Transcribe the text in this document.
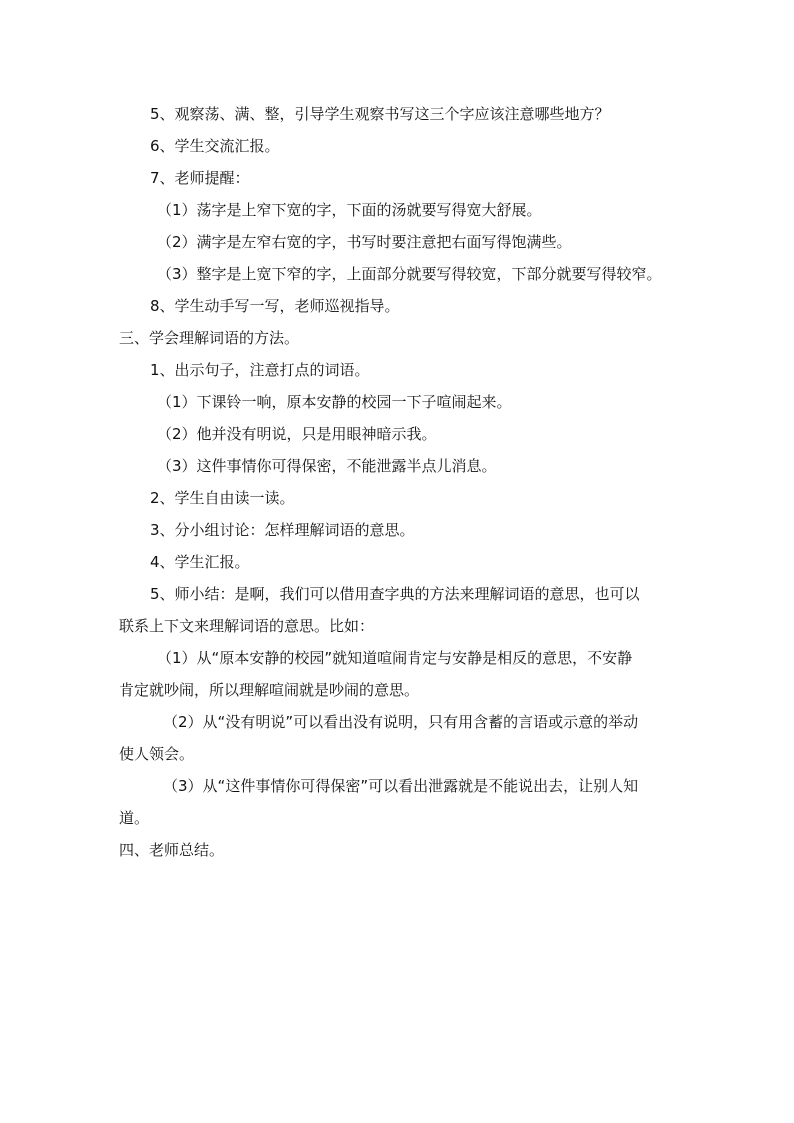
5、观察荡、满、整，引导学生观察书写这三个字应该注意哪些地方？
6、学生交流汇报。
7、老师提醒：
（1）荡字是上窄下宽的字，下面的汤就要写得宽大舒展。
（2）满字是左窄右宽的字，书写时要注意把右面写得饱满些。
（3）整字是上宽下窄的字，上面部分就要写得较宽，下部分就要写得较窄。
8、学生动手写一写，老师巡视指导。
三、学会理解词语的方法。
1、出示句子，注意打点的词语。
（1）下课铃一响，原本安静的校园一下子喧闹起来。
（2）他并没有明说，只是用眼神暗示我。
（3）这件事情你可得保密，不能泄露半点儿消息。
2、学生自由读一读。
3、分小组讨论：怎样理解词语的意思。
4、学生汇报。
5、师小结：是啊，我们可以借用查字典的方法来理解词语的意思，也可以
联系上下文来理解词语的意思。比如：
（1）从“原本安静的校园”就知道喧闹肯定与安静是相反的意思，不安静
肯定就吵闹，所以理解喧闹就是吵闹的意思。
（2）从“没有明说”可以看出没有说明，只有用含蓄的言语或示意的举动
使人领会。
（3）从“这件事情你可得保密”可以看出泄露就是不能说出去，让别人知
道。
四、老师总结。
